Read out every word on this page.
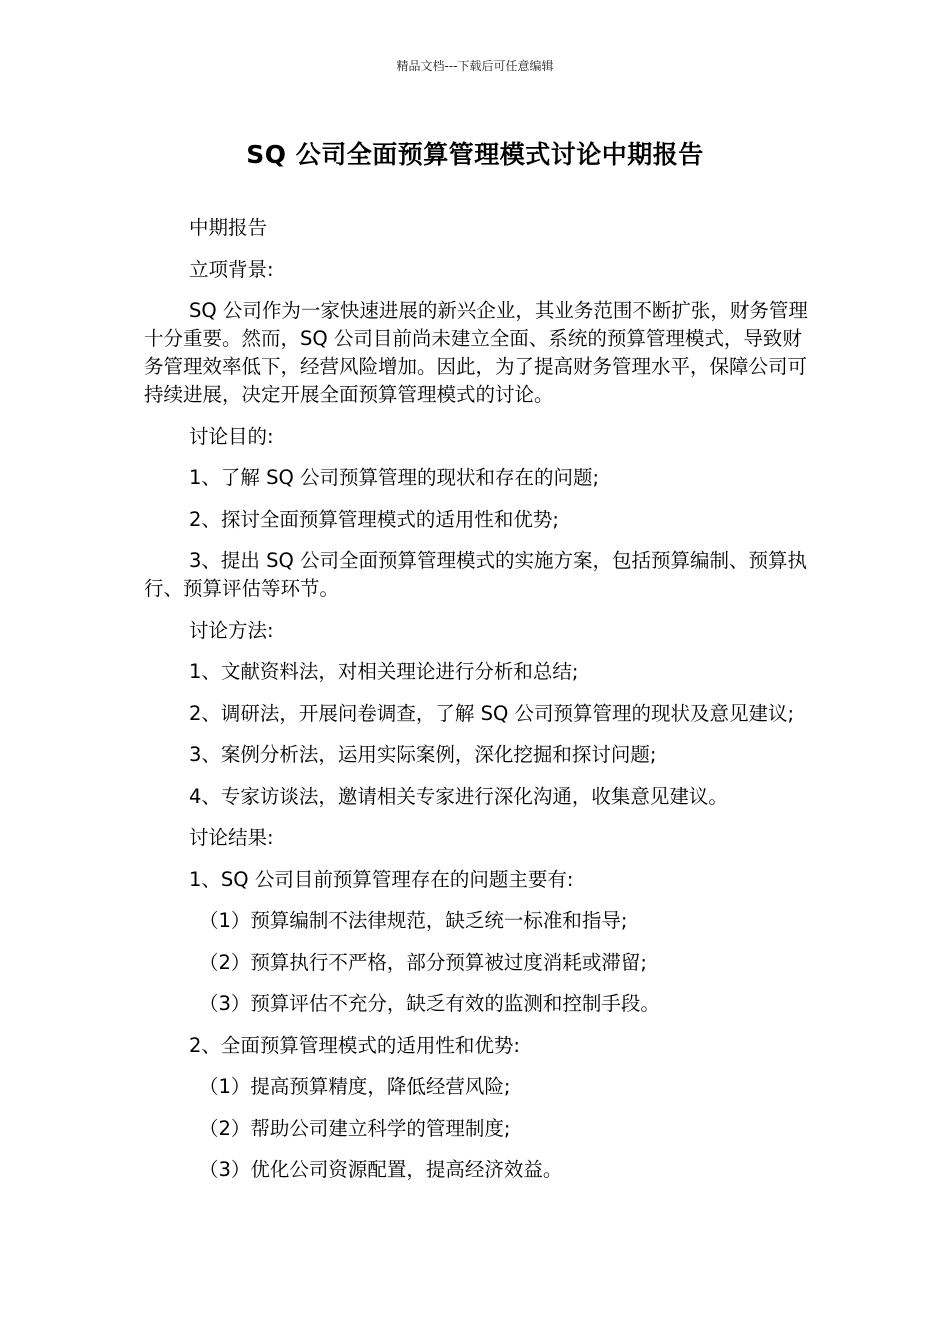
精品文档---下载后可任意编辑
SQ 公司全面预算管理模式讨论中期报告

中期报告

立项背景:

SQ 公司作为一家快速进展的新兴企业，其业务范围不断扩张，财务管理十分重要。然而，SQ 公司目前尚未建立全面、系统的预算管理模式，导致财务管理效率低下，经营风险增加。因此，为了提高财务管理水平，保障公司可持续进展，决定开展全面预算管理模式的讨论。

讨论目的:

1、了解 SQ 公司预算管理的现状和存在的问题;

2、探讨全面预算管理模式的适用性和优势;

3、提出 SQ 公司全面预算管理模式的实施方案，包括预算编制、预算执行、预算评估等环节。

讨论方法:

1、文献资料法，对相关理论进行分析和总结;

2、调研法，开展问卷调查，了解 SQ 公司预算管理的现状及意见建议;

3、案例分析法，运用实际案例，深化挖掘和探讨问题;

4、专家访谈法，邀请相关专家进行深化沟通，收集意见建议。

讨论结果:

1、SQ 公司目前预算管理存在的问题主要有:

（1）预算编制不法律规范，缺乏统一标准和指导;

（2）预算执行不严格，部分预算被过度消耗或滞留;

（3）预算评估不充分，缺乏有效的监测和控制手段。

2、全面预算管理模式的适用性和优势:

（1）提高预算精度，降低经营风险;

（2）帮助公司建立科学的管理制度;

（3）优化公司资源配置，提高经济效益。
